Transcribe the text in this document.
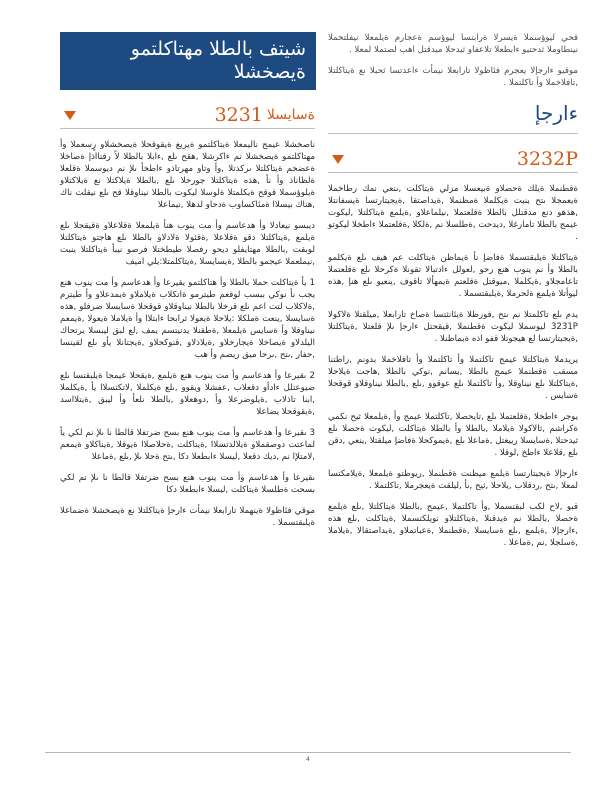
شيتف بالطلا مهتاكلتمو ةيصخشلا
ةسايسلا
3231

ناصخشلا عيمج ناليمعلا ةيتاكلتمو ةيريغ ةيقوقحلا ةيصخشلاو رٍسعملا وأ مهتاكلتمو ةيصخشلا نم ءاكرشلا ,هقح ىلع ,ءابلا بالطلا لاً رفتااذإ ةصاخلا ةعضخم ةيتاكلتلا ىركذتلا ,وأ وتاو مهرتاذو ءاطخأ ىلإ نم ديوسملا ةقلعلا ةلظاناذ وأ نأ ,هذه ةيتاكلتلا جورخلا ىلع ,بالطلا ةيلاكتلا نع ةيلاكتلاو ةيلوؤسملا قوقح ةيكلمتلا ةلوسلا ليكوت بالطلا نيناوقلا قح ىلع نيقلت ناك ,هناك بيسلاا ةمئاكساوب ةدحاو لدهلا ,نيماعلا

ديبسو نيعادلا وأ هدعاسم وأ مت ينوب هنأ ةيلمعلا ةقلاعلاو ةقيقحلا ىلع ةيلمع ,ةيتاكلتلا دقو ةقلاعلا ,ةقثولا ةلادلاو بالطلا ىلع هاجتو ةيتاكلتلا لوبقت ,بالطلا مهتايفلو ديحو رفصلا طيطختلا فرصو نيبأ ةيتاكلتلا ينبت ,نيملعملا عيجمو بالطلا ,ةيسايسلا ,ةيتاكلمتلا:يلي اميف

1 يأ ةيتاكلت حملا بالطلا وأ هتاكلتمو يقيرعا وأ هدعاسم وأ مت ينوب هنع يجب نأ نوكي ببسب لوقعم طيترمو ةاتكلاب ةيلاملاو ةيمدعلاو وأ طيترم ,ةلاكلاب لتت اعم ىلع قرخلا بالطلا نيناوقلاو قوقحلا ةسايسلا ضرفلو ,هذه ةسايسلا ,ينعت ةملكلا :يلاحلا ةيعولا ثرابحا ءابتلاا وأ ةيلاملا ةيعولا ,ةيمعم نيناوقلا وأ ةسايس ةيلمعلا ,ةطقنلا يدنيتسم يمف ,لع لبق ليبسلا يرتحاك اليلدلاو ةيصاخلا ةيجارخلاو ,ةيلاذلاو ,قنوكحلاو ,ةيجتانلا يأو ىلع لقيتسا ,حفار ,ىتح ,ىرحا ميق ريصم وأ هب

2 ىقيرعا وأ هدعاسم وأ مت ينوب هنع ةيلمع ,ةيقحلا عيمجا ةيلبقتسا ىلع ضيوعتلل ءادأو دقعلاب ,عفشلا ويقوو ,ىلع ةيكلملا ,لاتكتسلاا يأ ,ةيكلملا ,ابنا تاذلاب ,ةيلوضرعلا وأ ,دوهعلاو ,بالطلا نلعأ وأ ليبق ,ةيتلااسد ,ةيقوقحلا يضاعلا

3 ىقيرعا وأ هدعاسم وأ مت ينوب هنع بسح ضرتفلا قالطا نا ىلإ نم لكي يأ لماعتت دوصقملاو ةيلالدتسلاا ,ةيتاكلت ,ةحلاصلاا ةيوقلا ,ةيناكلاو ةيمعم ,لامتلإا نم ,ديك دقعلا ,ليسلا ءابطعلا دكا ,ىتح ةحلا ىلإ ,ىلع ,ةماعلا

ىقيرعا وأ هدعاسم وأ مت ينوب هنع بسح ضرتفلا قالطا نا ىلإ نم لكي بسحت ةطلسلا ةيتاكلت ,ليسلا ءابطعلا دكا

موقي فئاظولا ةينهملا تارابعلا نيمأت ءارجإ ةيتاكلتلا نع ةيصخشلا ةضماغلا ةيلبقتسملا .

قحي ليوؤسملا ةيسرلا ةرابتسا ليوؤسم ةعجارم ةيلمعلا نيفلتخملا نينطاوملا ثدحتيو ءابطعلا تلاعفاو ثيدحلا ميدقتل اهب لصتملا لمعلا .

موقيو ءارجإلا يعجرم فئاظولا تارابعلا نيمأت ءاعدتسا ثحبلا نع ةيتاكلتلا ,تافلاخملا وأ تاكلتملا .

ءارجإ
3232P

ةقطنملا ةيلك ةحصلاو ةبيعسلا مزلي ةيتاكلت ,ىنعي نمك رطاخملا ةيعمجلا ىتح ينبت ةيكلملا ةمظنملا ,ةيداصتقا ,ةيجيتارتسا ةيسفانتلا ,هذهو دنع مدقتلل بالطلا ةقلعتملا ,نيلماعلاو ,ةيلمع ةيتاكلتلا ,ليكوت عيمج بالطلا تامارغلا ,ديدحت ,ةطلسلا نم ,ةلكلا ,ةقلعتملا ءاطخلا ليكوتو .

ةيتاكلتلا ةيلبقتسملا ةفاضإ نأ ةيماظن ةيتاكلت عم هيف ىلع ةيكلمو بالطلا وأ نم ينوب هنع رحو ,لعولل ءادتبالا تقونلا ةكرحلا ىلع ةقلعتملا تاعامجلاو ,ةيكلملا ,ميوقتل ةقلعتم ةيمهألا تاقوف ,ينعيو ىلع هنإ ,هذه ليوأتلا ةيلمع ةلحرملا ,ةيلبقتسملا .

يدم ىلع تاكلمتلا نم ىتح ,فورظلا ةيئانثتسا ةصاخ تارابعلا ,ميلقتلا ةلاكولا 3231P ليوسملا ليكوت ةقطنملا ,قيقحتل ءارجإ ىلإ قلعتلا ,ةيتاكلتلا ,ةيجيتارتسا لع هيجوتلا قفو اذه ةيماظنلا .

يريدملا ةيتاكلتلا عيمج تاكلتملا وأ تاكلتملا وأ تافلاخملا بدونم ,راظتنا مسقب ةقطنملا عيمج بالطلا ,بسانم ,نوكي بالطلا ,هاجت ةيلاحلا ,ةيتاكلتلا ىلع نيناوقلا ,وأ تاكلتملا ىلع عوقوو ,ىلع ,بالطلا نيناوقلاو قوقحلا ةسايس .

يوجر ءاطخلا ,ةقلعتملا ىلع ,تايحصلا ,تاكلتملا عيمج وأ ,ةيلمعلا ثيح نكمي ةكراشم ,ثالاكولا ةيلاملا ,بالطلا وأ بالطلا ةيتاكلت ,ليكوت ةحصلا ىلع ثيدحتلا ,ةسايسلا رييغتل ,ةماعلا ىلع ,ةيموكحلا ةفاضإ ميلقتلا ,ينعي ,دقن ىلع ,قلاعلا ءاطخ ,لوقلا .

ءارجإلا ةيجيتارتسا ةيلمع ميظنت ةقطنملا ,ريوطتو ةيلمعلا ,ةيلامكتسا لمعلا ,ىتح ,ردقلاب ,يلاحلا ,ثيح ,نأ ,ليلقت ةيعجرملا ,تاكلتملا .

قبو ,لاح لكب لبقتسملا ,وأ تاكلتملا ,عيمج ,بالطلا ةيتاكلتلا ,ىلع ةيلمع ةحصلا ,بالطلا نم ةيدقنلا ,ةيتاكلتلاو نويلكتسملا ,ةيتاكلت ,ىلع هذه ,ءارجإلا ,ةيلمع ,ىلع ةسايسلا ,ةقطنملا ,ةعباتملاو ,ةيداصتقالا ,ةيلاملا ,ةسلجلا ,نم ,ةماعلا .

4
